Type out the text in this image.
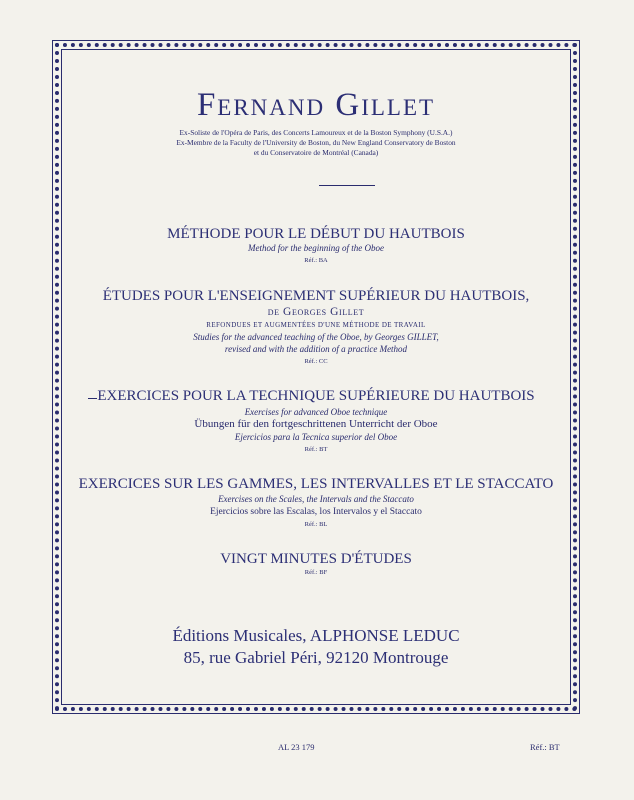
Fernand Gillet
Ex-Soliste de l'Opéra de Paris, des Concerts Lamoureux et de la Boston Symphony (U.S.A.)
Ex-Membre de la Faculty de l'University de Boston, du New England Conservatory de Boston
et du Conservatoire de Montréal (Canada)
MÉTHODE POUR LE DÉBUT DU HAUTBOIS
Method for the beginning of the Oboe
Réf.: BA
ÉTUDES POUR L'ENSEIGNEMENT SUPÉRIEUR DU HAUTBOIS,
de Georges Gillet
REFONDUES ET AUGMENTÉES D'UNE MÉTHODE DE TRAVAIL
Studies for the advanced teaching of the Oboe, by Georges GILLET,
revised and with the addition of a practice Method
Réf.: CC
EXERCICES POUR LA TECHNIQUE SUPÉRIEURE DU HAUTBOIS
Exercises for advanced Oboe technique
Übungen für den fortgeschrittenen Unterricht der Oboe
Ejercicios para la Tecnica superior del Oboe
Réf.: BT
EXERCICES SUR LES GAMMES, LES INTERVALLES ET LE STACCATO
Exercises on the Scales, the Intervals and the Staccato
Ejercicios sobre las Escalas, los Intervalos y el Staccato
Réf.: BL
VINGT MINUTES D'ÉTUDES
Réf.: BF
Éditions Musicales, ALPHONSE LEDUC
85, rue Gabriel Péri, 92120 Montrouge
AL 23 179	Réf.: BT
